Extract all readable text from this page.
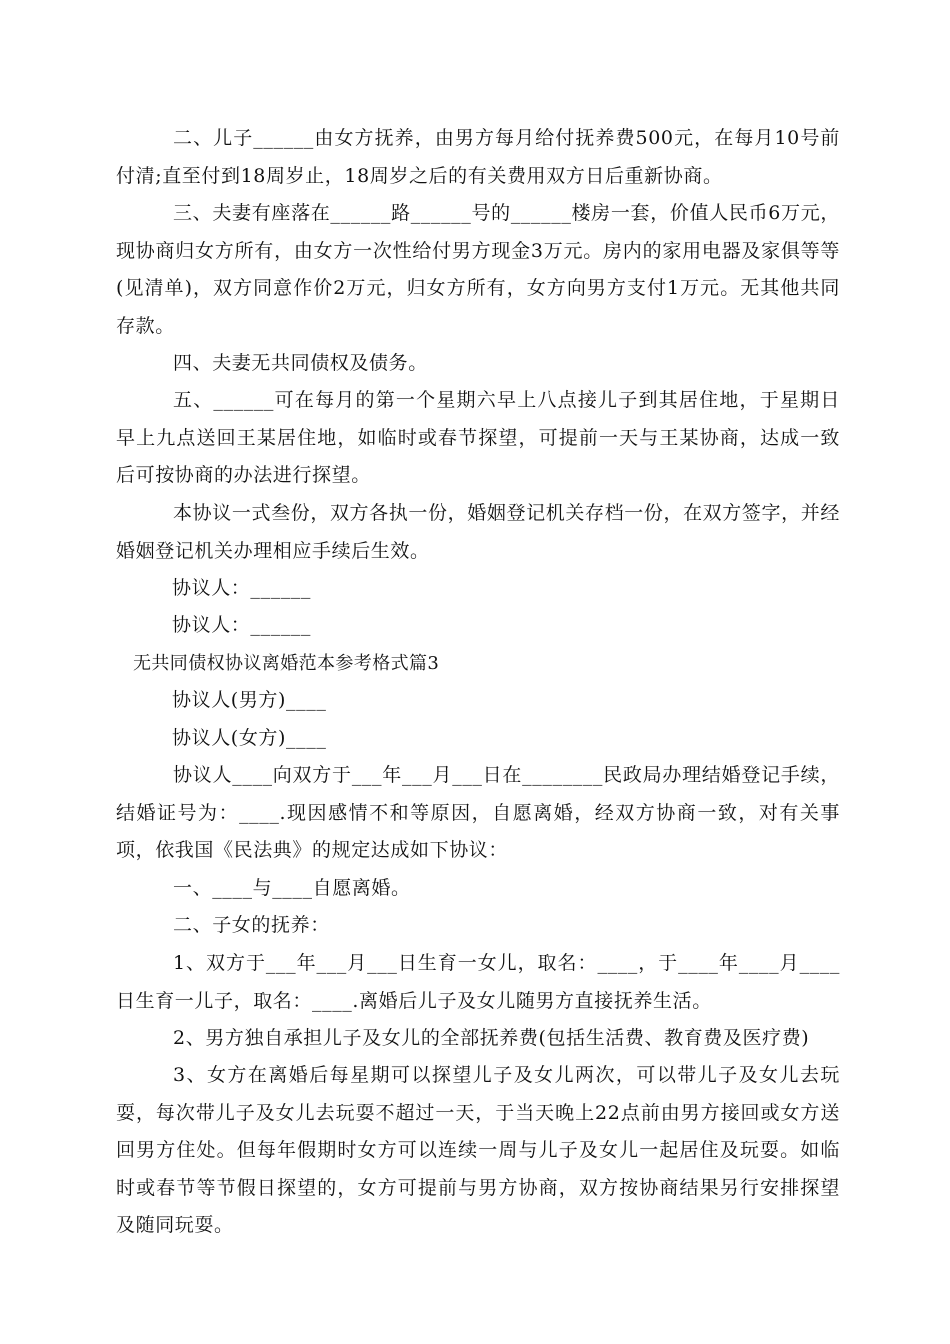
二、儿子______由女方抚养，由男方每月给付抚养费500元，在每月10号前付清;直至付到18周岁止，18周岁之后的有关费用双方日后重新协商。

三、夫妻有座落在______路______号的______楼房一套，价值人民币6万元，现协商归女方所有，由女方一次性给付男方现金3万元。房内的家用电器及家俱等等(见清单)，双方同意作价2万元，归女方所有，女方向男方支付1万元。无其他共同存款。

四、夫妻无共同债权及债务。

五、______可在每月的第一个星期六早上八点接儿子到其居住地，于星期日早上九点送回王某居住地，如临时或春节探望，可提前一天与王某协商，达成一致后可按协商的办法进行探望。

本协议一式叁份，双方各执一份，婚姻登记机关存档一份，在双方签字，并经婚姻登记机关办理相应手续后生效。

协议人：______

协议人：______

无共同债权协议离婚范本参考格式篇3

协议人(男方)____

协议人(女方)____

协议人____向双方于___年___月___日在________民政局办理结婚登记手续，结婚证号为：____.现因感情不和等原因，自愿离婚，经双方协商一致，对有关事项，依我国《民法典》的规定达成如下协议：

一、____与____自愿离婚。

二、子女的抚养：

1、双方于___年___月___日生育一女儿，取名：____，于____年____月____日生育一儿子，取名：____.离婚后儿子及女儿随男方直接抚养生活。

2、男方独自承担儿子及女儿的全部抚养费(包括生活费、教育费及医疗费)

3、女方在离婚后每星期可以探望儿子及女儿两次，可以带儿子及女儿去玩耍，每次带儿子及女儿去玩耍不超过一天，于当天晚上22点前由男方接回或女方送回男方住处。但每年假期时女方可以连续一周与儿子及女儿一起居住及玩耍。如临时或春节等节假日探望的，女方可提前与男方协商，双方按协商结果另行安排探望及随同玩耍。
